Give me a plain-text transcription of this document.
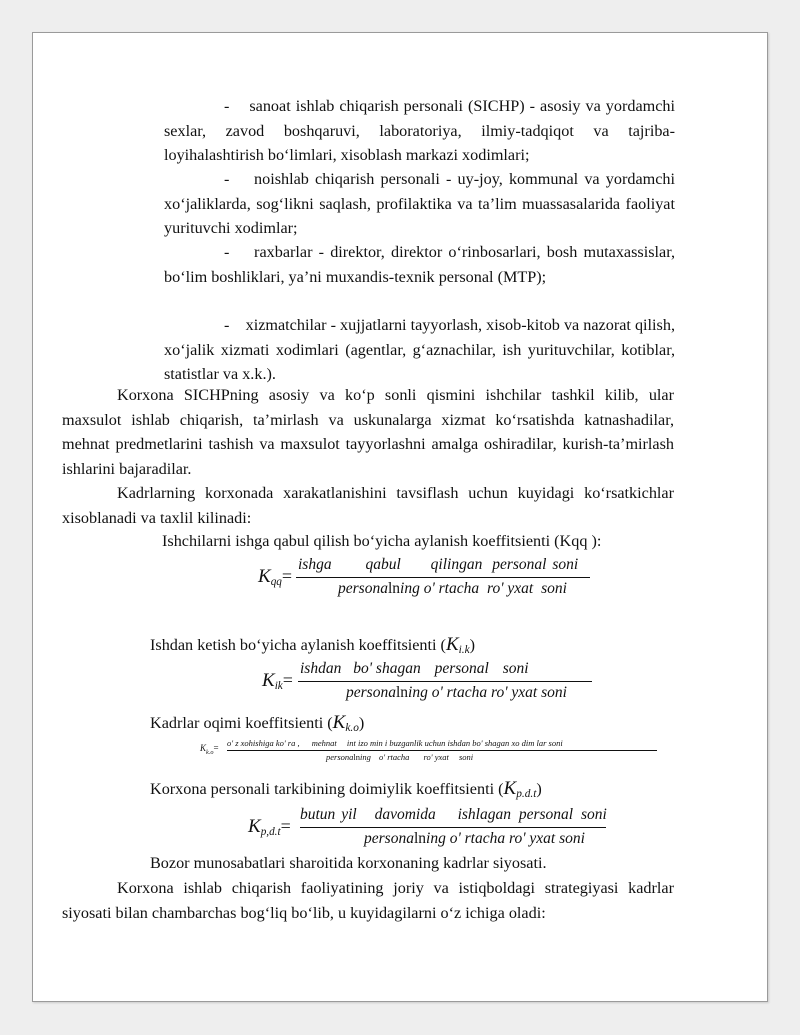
-    sanoat ishlab chiqarish personali (SICHP) - asosiy va yordamchi sexlar, zavod boshqaruvi, laboratoriya, ilmiy-tadqiqot va tajriba-loyihalashtirish bo‘limlari, xisoblash markazi xodimlari;

-    noishlab chiqarish personali - uy-joy, kommunal va yordamchi xo‘jaliklarda, sog‘likni saqlash, profilaktika va ta’lim muassasalarida faoliyat yurituvchi xodimlar;

-    raxbarlar - direktor, direktor o‘rinbosarlari, bosh mutaxassislar, bo‘lim boshliklari, ya’ni muxandis-texnik personal (MTP);

-    xizmatchilar - xujjatlarni tayyorlash, xisob-kitob va nazorat qilish, xo‘jalik xizmati xodimlari (agentlar, g‘aznachilar, ish yurituvchilar, kotiblar, statistlar va x.k.).

Korxona SICHPning asosiy va ko‘p sonli qismini ishchilar tashkil kilib, ular maxsulot ishlab chiqarish, ta’mirlash va uskunalarga xizmat ko‘rsatishda katnashadilar, mehnat predmetlarini tashish va maxsulot tayyorlashni amalga oshiradilar, kurish-ta’mirlash ishlarini bajaradilar.

Kadrlarning korxonada xarakatlanishini tavsiflash uchun kuyidagi ko‘rsatkichlar xisoblanadi va taxlil kilinadi:

Ishchilarni ishga qabul qilish bo‘yicha aylanish koeffitsienti (Kqq ):
$K_{qq}=$
ishga qabul qilingan personal soni
personalning o' rtacha ro' yxat soni
Ishdan ketish bo‘yicha aylanish koeffitsienti $(K_{i.k})$
$K_{ik}=$
ishdan bo' shagan personal soni
personalning o' rtacha ro' yxat soni
Kadrlar oqimi koeffitsienti $(K_{k.o})$
$K_{k.o}= o'$ z xohishiga ko' ra , mehnat int izo min i buzganlik uchun ishdan bo' shagan xo dim lar soni
personalning o' rtacha ro' yxat soni
Korxona personali tarkibining doimiylik koeffitsienti $(K_{p.d.t})$
$K_{p,d.t}=$
butun yil davomida ishlagan personal soni
personalning o' rtacha ro' yxat soni
Bozor munosabatlari sharoitida korxonaning kadrlar siyosati.

Korxona ishlab chiqarish faoliyatining joriy va istiqboldagi strategiyasi kadrlar siyosati bilan chambarchas bog‘liq bo‘lib, u kuyidagilarni o‘z ichiga oladi:
